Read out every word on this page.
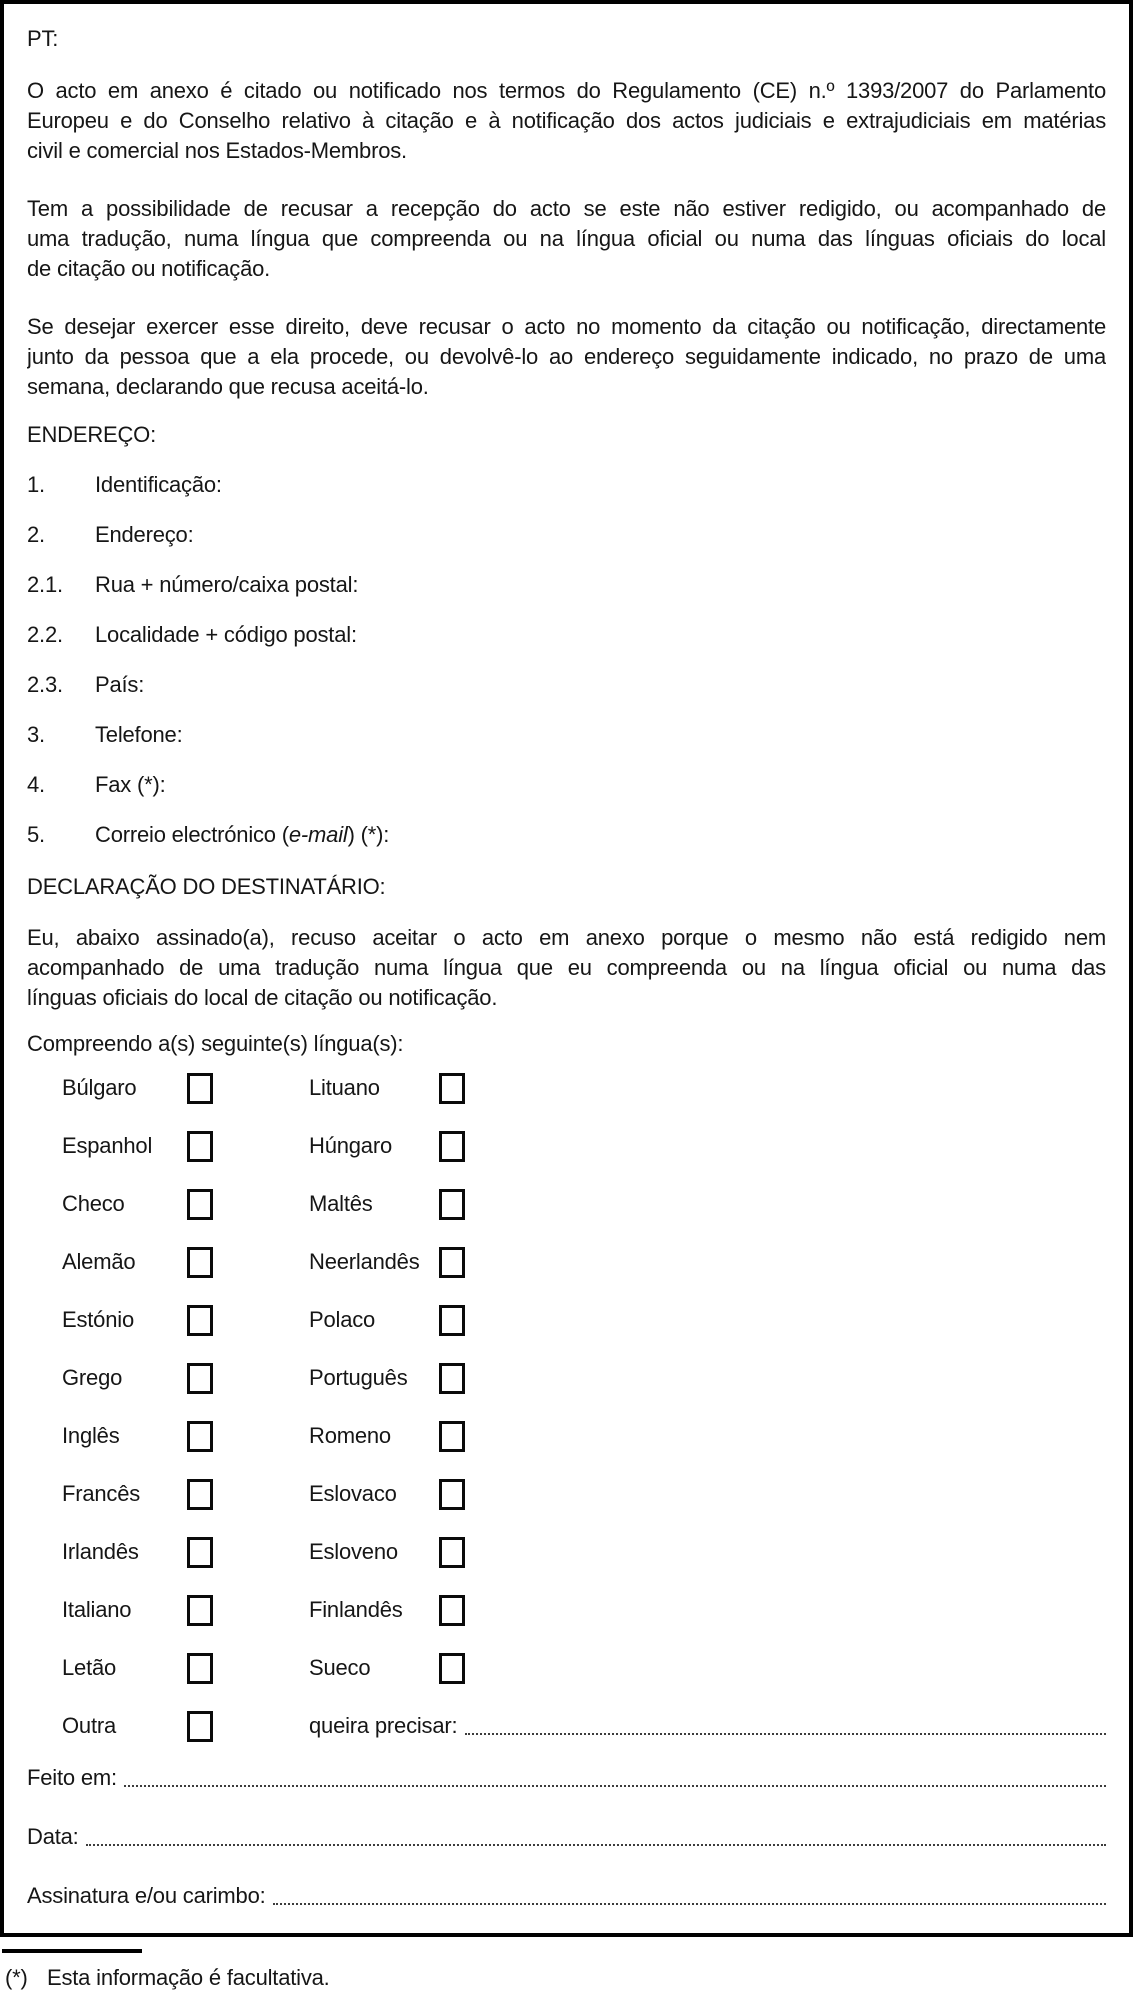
PT:
O acto em anexo é citado ou notificado nos termos do Regulamento (CE) n.º 1393/2007 do Parlamento
Europeu e do Conselho relativo à citação e à notificação dos actos judiciais e extrajudiciais em matérias
civil e comercial nos Estados-Membros.
Tem a possibilidade de recusar a recepção do acto se este não estiver redigido, ou acompanhado de
uma tradução, numa língua que compreenda ou na língua oficial ou numa das línguas oficiais do local
de citação ou notificação.
Se desejar exercer esse direito, deve recusar o acto no momento da citação ou notificação, directamente
junto da pessoa que a ela procede, ou devolvê-lo ao endereço seguidamente indicado, no prazo de uma
semana, declarando que recusa aceitá-lo.
ENDEREÇO:
1.	Identificação:
2.	Endereço:
2.1.	Rua + número/caixa postal:
2.2.	Localidade + código postal:
2.3.	País:
3.	Telefone:
4.	Fax (*):
5.	Correio electrónico (e-mail) (*):
DECLARAÇÃO DO DESTINATÁRIO:
Eu, abaixo assinado(a), recuso aceitar o acto em anexo porque o mesmo não está redigido nem
acompanhado de uma tradução numa língua que eu compreenda ou na língua oficial ou numa das
línguas oficiais do local de citação ou notificação.
Compreendo a(s) seguinte(s) língua(s):
Búlgaro	Lituano
Espanhol	Húngaro
Checo	Maltês
Alemão	Neerlandês
Estónio	Polaco
Grego	Português
Inglês	Romeno
Francês	Eslovaco
Irlandês	Esloveno
Italiano	Finlandês
Letão	Sueco
Outra	queira precisar:
Feito em:
Data:
Assinatura e/ou carimbo:
(*) Esta informação é facultativa.
